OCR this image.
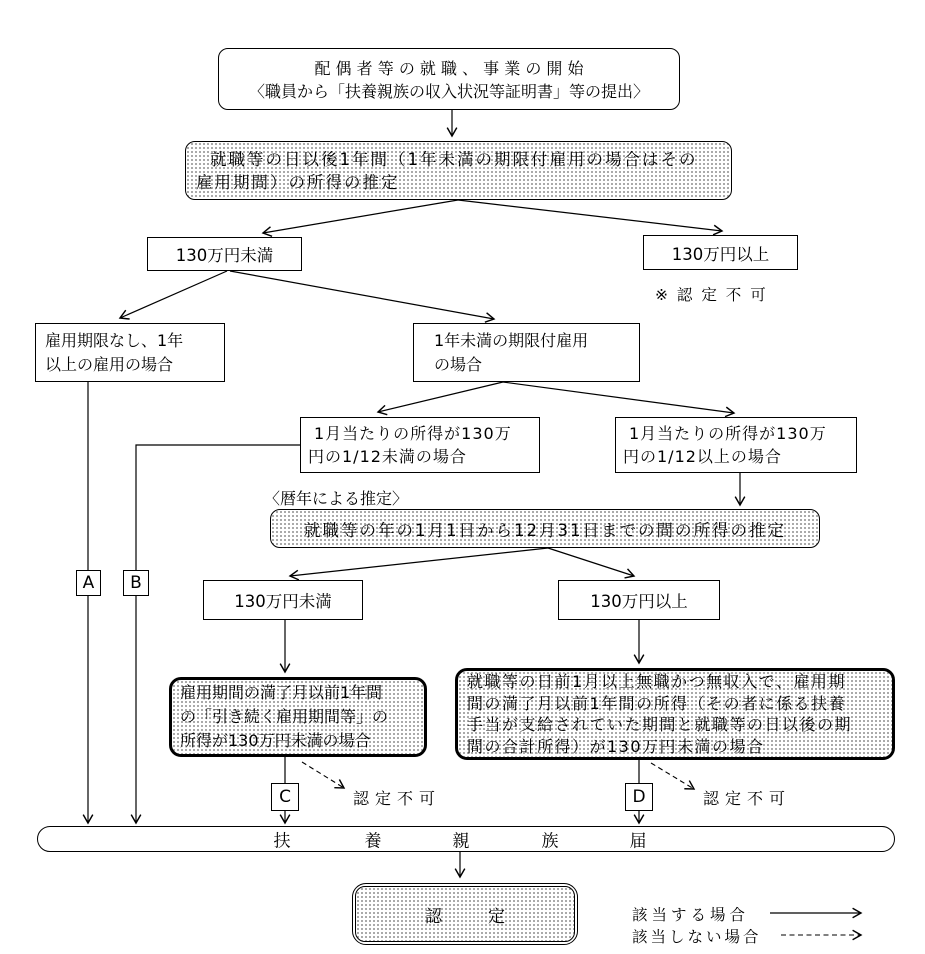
配 偶 者 等 の 就 職 、 事 業 の 開 始
〈職員から「扶養親族の収入状況等証明書」等の提出〉
就職等の日以後1年間（1年未満の期限付雇用の場合はその
雇用期間）の所得の推定
130万円未満	130万円以上
※ 認 定 不 可
雇用期限なし、1年
以上の雇用の場合
1年未満の期限付雇用
の場合
1月当たりの所得が130万
円の1/12未満の場合
1月当たりの所得が130万
円の1/12以上の場合
〈暦年による推定〉
就職等の年の1月1日から12月31日までの間の所得の推定
A B
130万円未満	130万円以上
雇用期間の満了月以前1年間
の「引き続く雇用期間等」の
所得が130万円未満の場合
就職等の日前1月以上無職かつ無収入で、雇用期
間の満了月以前1年間の所得（その者に係る扶養
手当が支給されていた期間と就職等の日以後の期
間の合計所得）が130万円未満の場合
C	D
認定不可	認定不可
扶	養	親	族	届
認	定	該当する場合
該当しない場合
